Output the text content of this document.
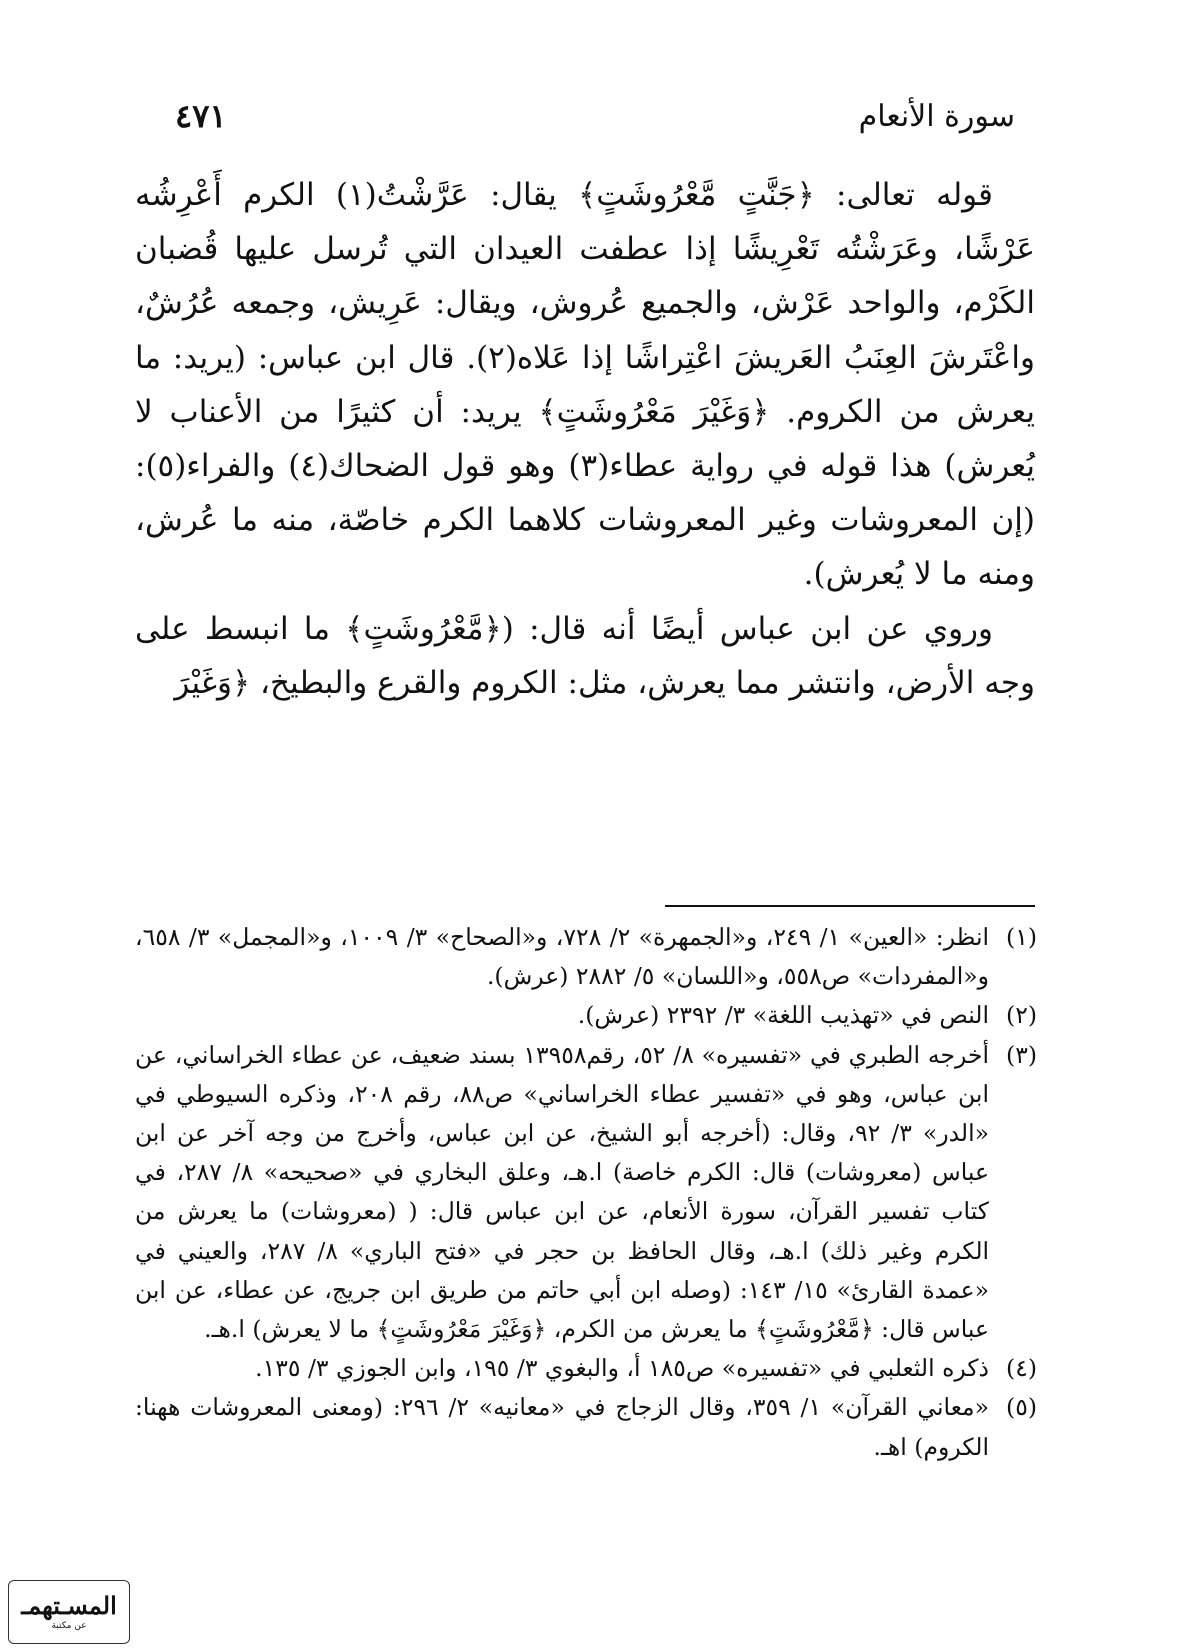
سورة الأنعام
٤٧١

قوله تعالى: ﴿جَنَّتٍ مَّعْرُوشَتٍ﴾ يقال: عَرَّشْتُ(١) الكرم أَعْرِشُه عَرْشًا، وعَرَشْتُه تَعْرِيشًا إذا عطفت العيدان التي تُرسل عليها قُضبان الكَرْم، والواحد عَرْش، والجميع عُروش، ويقال: عَرِيش، وجمعه عُرُشٌ، واعْتَرشَ العِنَبُ العَريشَ اعْتِراشًا إذا عَلاه(٢). قال ابن عباس: (يريد: ما يعرش من الكروم. ﴿وَغَيْرَ مَعْرُوشَتٍ﴾ يريد: أن كثيرًا من الأعناب لا يُعرش) هذا قوله في رواية عطاء(٣) وهو قول الضحاك(٤) والفراء(٥): (إن المعروشات وغير المعروشات كلاهما الكرم خاصّة، منه ما عُرش، ومنه ما لا يُعرش).

وروي عن ابن عباس أيضًا أنه قال: (﴿مَّعْرُوشَتٍ﴾ ما انبسط على وجه الأرض، وانتشر مما يعرش، مثل: الكروم والقرع والبطيخ، ﴿وَغَيْرَ

(١)
انظر: «العين» ١/ ٢٤٩، و«الجمهرة» ٢/ ٧٢٨، و«الصحاح» ٣/ ١٠٠٩، و«المجمل» ٣/ ٦٥٨، و«المفردات» ص٥٥٨، و«اللسان» ٥/ ٢٨٨٢ (عرش).
(٢)
النص في «تهذيب اللغة» ٣/ ٢٣٩٢ (عرش).
(٣)
أخرجه الطبري في «تفسيره» ٨/ ٥٢، رقم١٣٩٥٨ بسند ضعيف، عن عطاء الخراساني، عن ابن عباس، وهو في «تفسير عطاء الخراساني» ص٨٨، رقم ٢٠٨، وذكره السيوطي في «الدر» ٣/ ٩٢، وقال: (أخرجه أبو الشيخ، عن ابن عباس، وأخرج من وجه آخر عن ابن عباس (معروشات) قال: الكرم خاصة) ا.هـ، وعلق البخاري في «صحيحه» ٨/ ٢٨٧، في كتاب تفسير القرآن، سورة الأنعام، عن ابن عباس قال: ( (معروشات) ما يعرش من الكرم وغير ذلك) ا.هـ، وقال الحافظ بن حجر في «فتح الباري» ٨/ ٢٨٧، والعيني في «عمدة القارئ» ١٥/ ١٤٣: (وصله ابن أبي حاتم من طريق ابن جريج، عن عطاء، عن ابن عباس قال: ﴿مَّعْرُوشَتٍ﴾ ما يعرش من الكرم، ﴿وَغَيْرَ مَعْرُوشَتٍ﴾ ما لا يعرش) ا.هـ.
(٤)
ذكره الثعلبي في «تفسيره» ص١٨٥ أ، والبغوي ٣/ ١٩٥، وابن الجوزي ٣/ ١٣٥.
(٥)
«معاني القرآن» ١/ ٣٥٩، وقال الزجاج في «معانيه» ٢/ ٢٩٦: (ومعنى المعروشات ههنا: الكروم) اهـ.
المسـتهمـ
عن مكتبة
